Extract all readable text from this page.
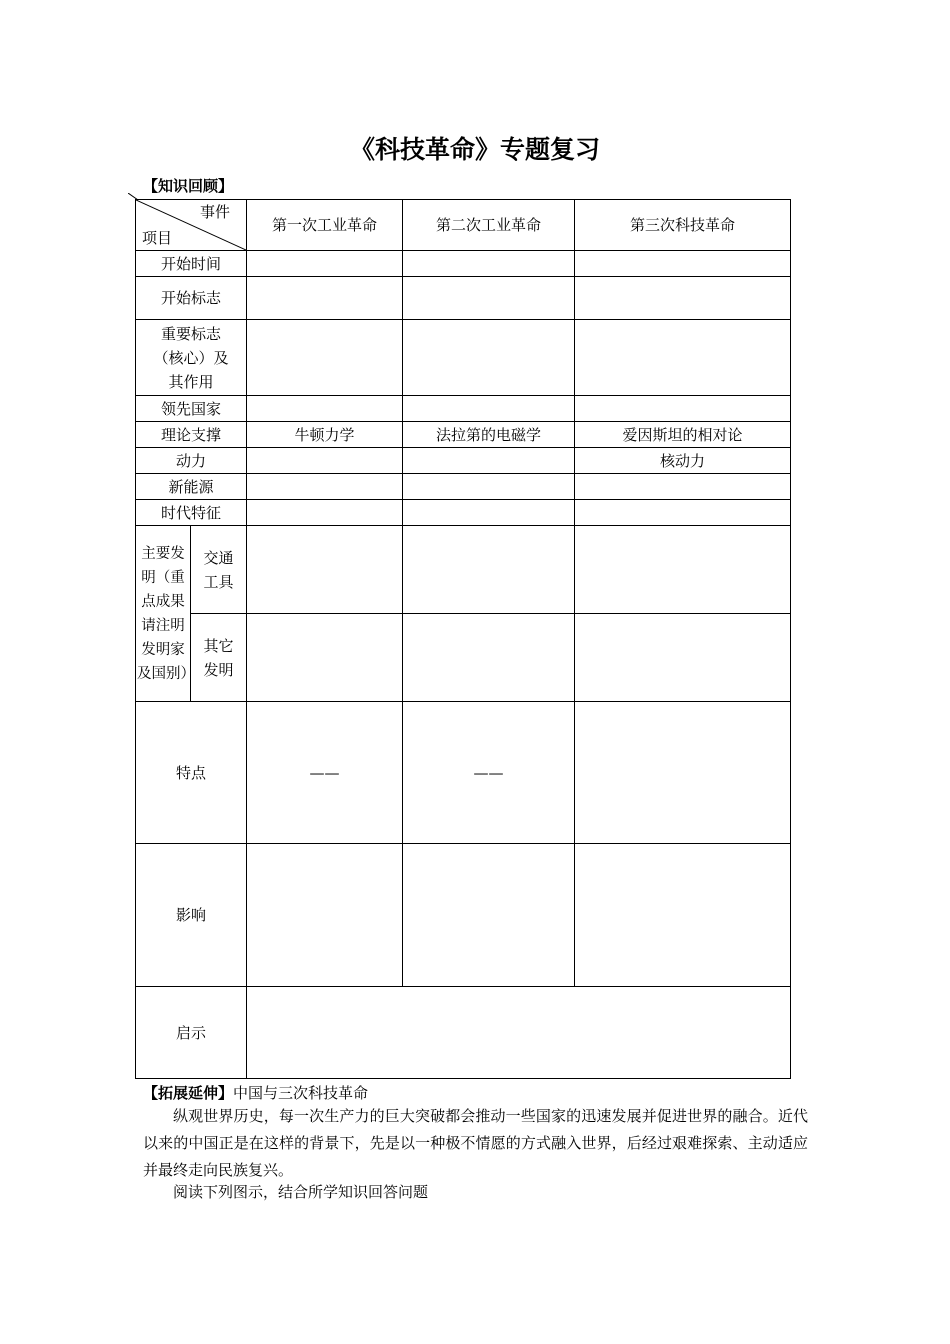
《科技革命》专题复习
【知识回顾】
事件
项目		第一次工业革命	第二次工业革命	第三次科技革命
开始时间				
开始标志				
重要标志（核心）及其作用				
领先国家				
理论支撑		牛顿力学	法拉第的电磁学	爱因斯坦的相对论
动力				核动力
新能源				
时代特征				
主要发明（重点成果请注明发明家及国别）	交通工具			
	其它发明			
特点		——	——	
影响				
启示				
【拓展延伸】中国与三次科技革命

纵观世界历史，每一次生产力的巨大突破都会推动一些国家的迅速发展并促进世界的融合。近代以来的中国正是在这样的背景下，先是以一种极不情愿的方式融入世界，后经过艰难探索、主动适应并最终走向民族复兴。

阅读下列图示，结合所学知识回答问题
